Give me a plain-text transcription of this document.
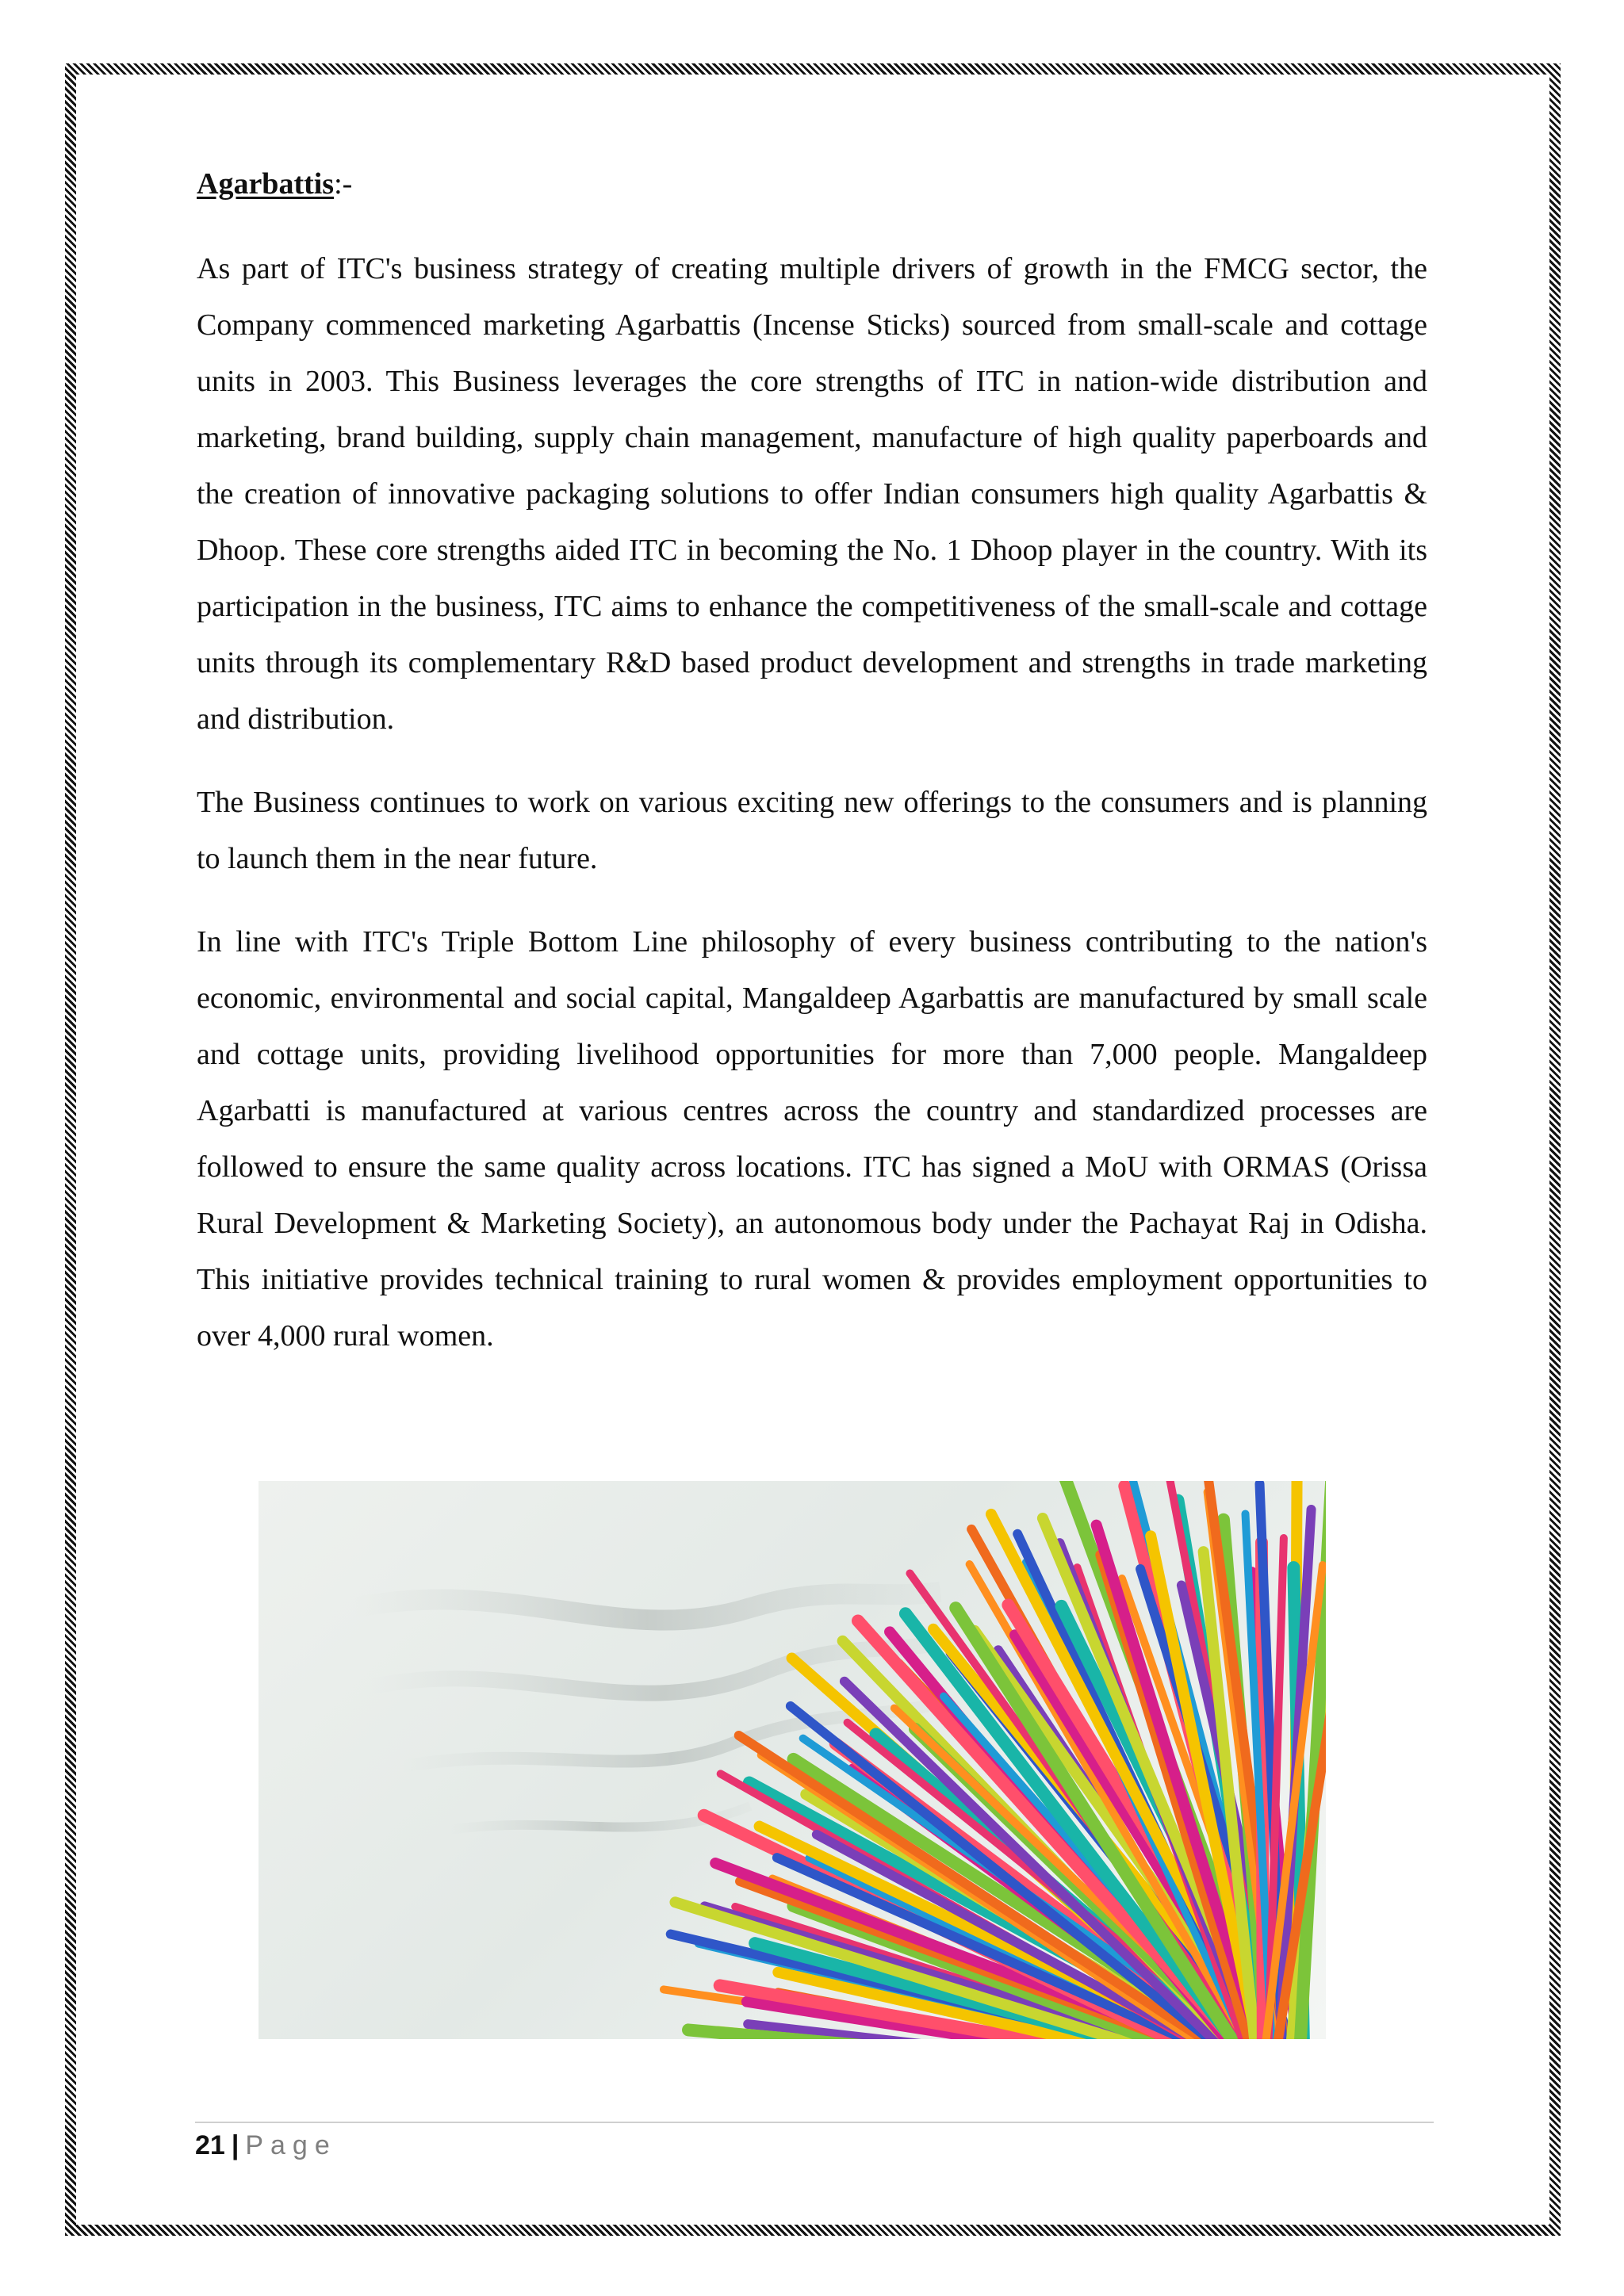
Agarbattis:-

As part of ITC's business strategy of creating multiple drivers of growth in the FMCG sector, the Company commenced marketing Agarbattis (Incense Sticks) sourced from small-scale and cottage units in 2003. This Business leverages the core strengths of ITC in nation-wide distribution and marketing, brand building, supply chain management, manufacture of high quality paperboards and the creation of innovative packaging solutions to offer Indian consumers high quality Agarbattis & Dhoop. These core strengths aided ITC in becoming the No. 1 Dhoop player in the country. With its participation in the business, ITC aims to enhance the competitiveness of the small-scale and cottage units through its complementary R&D based product development and strengths in trade marketing and distribution.

The Business continues to work on various exciting new offerings to the consumers and is planning to launch them in the near future.

In line with ITC's Triple Bottom Line philosophy of every business contributing to the nation's economic, environmental and social capital, Mangaldeep Agarbattis are manufactured by small scale and cottage units, providing livelihood opportunities for more than 7,000 people. Mangaldeep Agarbatti is manufactured at various centres across the country and standardized processes are followed to ensure the same quality across locations. ITC has signed a MoU with ORMAS (Orissa Rural Development & Marketing Society), an autonomous body under the Pachayat Raj in Odisha. This initiative provides technical training to rural women & provides employment opportunities to over 4,000 rural women.

21 | Page
